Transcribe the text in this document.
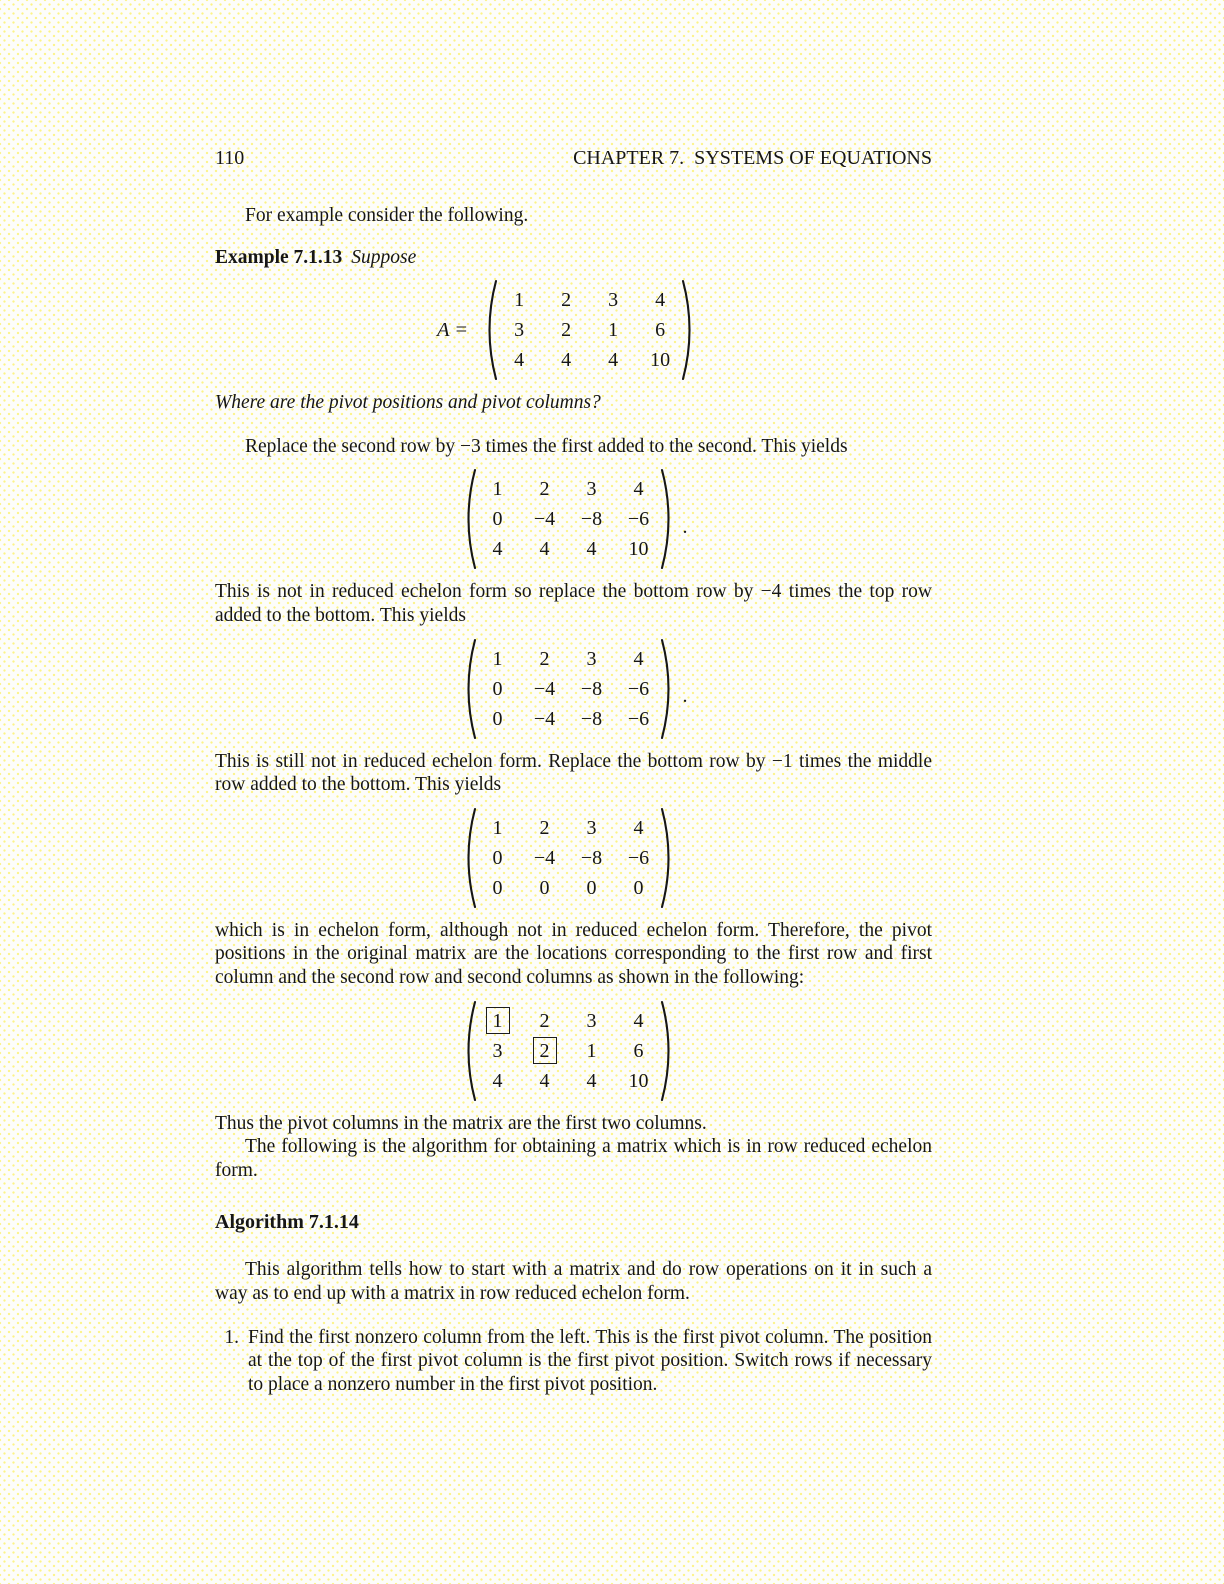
110	CHAPTER 7.  SYSTEMS OF EQUATIONS

For example consider the following.

Example 7.1.13 Suppose

A =
1	2	3	4
3	2	1	6
4	4	4	10

Where are the pivot positions and pivot columns?

Replace the second row by −3 times the first added to the second. This yields

1	2	3	4
0	−4 −8 −6
4	4	4	10
.

This is not in reduced echelon form so replace the bottom row by −4 times the top row added to the bottom. This yields

1	2	3	4
0	−4 −8 −6
0	−4 −8 −6
.

This is still not in reduced echelon form. Replace the bottom row by −1 times the middle row added to the bottom. This yields

1	2	3	4
0	−4 −8 −6
0	0	0	0

which is in echelon form, although not in reduced echelon form. Therefore, the pivot positions in the original matrix are the locations corresponding to the first row and first column and the second row and second columns as shown in the following:

1	2	3	4
3	2	1	6
4	4	4	10

Thus the pivot columns in the matrix are the first two columns.

The following is the algorithm for obtaining a matrix which is in row reduced echelon form.

Algorithm 7.1.14

This algorithm tells how to start with a matrix and do row operations on it in such a way as to end up with a matrix in row reduced echelon form.

1. Find the first nonzero column from the left. This is the first pivot column. The position at the top of the first pivot column is the first pivot position. Switch rows if necessary to place a nonzero number in the first pivot position.
